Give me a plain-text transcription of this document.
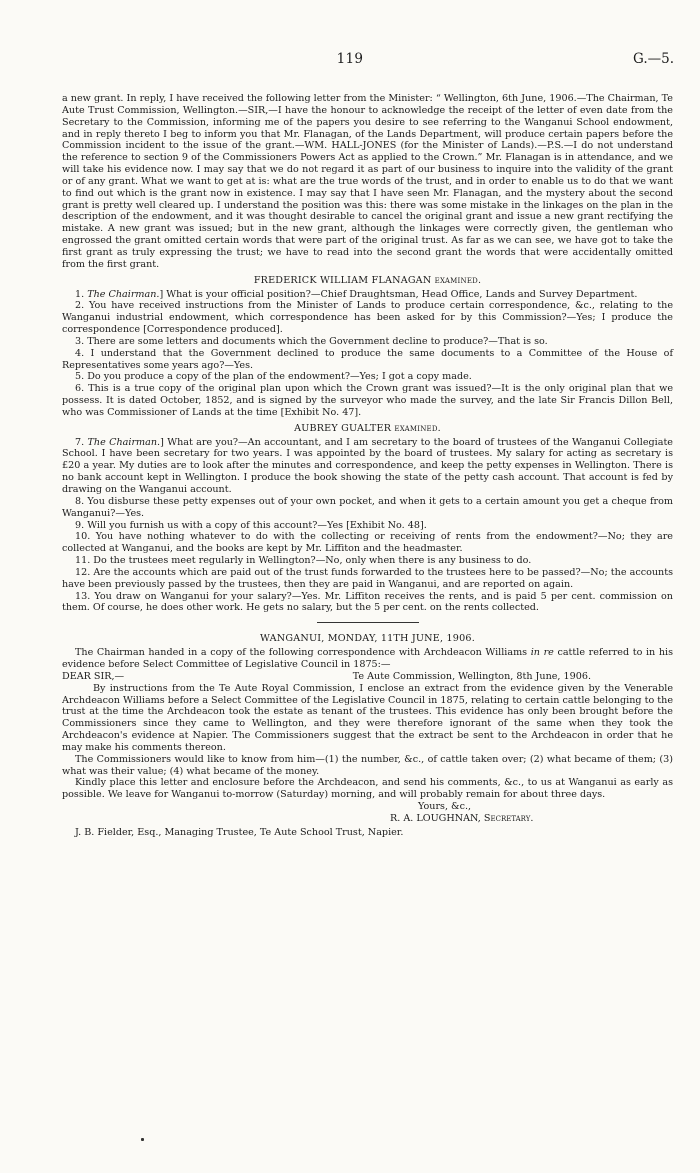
119	G.—5.

a new grant. In reply, I have received the following letter from the Minister: “ Wellington, 6th June, 1906.—The Chairman, Te Aute Trust Commission, Wellington.—SIR,—I have the honour to acknowledge the receipt of the letter of even date from the Secretary to the Commission, informing me of the papers you desire to see referring to the Wanganui School endowment, and in reply thereto I beg to inform you that Mr. Flanagan, of the Lands Department, will produce certain papers before the Commission incident to the issue of the grant.—WM. HALL-JONES (for the Minister of Lands).—P.S.—I do not understand the reference to section 9 of the Commissioners Powers Act as applied to the Crown.” Mr. Flanagan is in attendance, and we will take his evidence now. I may say that we do not regard it as part of our business to inquire into the validity of the grant or of any grant. What we want to get at is: what are the true words of the trust, and in order to enable us to do that we want to find out which is the grant now in existence. I may say that I have seen Mr. Flanagan, and the mystery about the second grant is pretty well cleared up. I understand the position was this: there was some mistake in the linkages on the plan in the description of the endowment, and it was thought desirable to cancel the original grant and issue a new grant rectifying the mistake. A new grant was issued; but in the new grant, although the linkages were correctly given, the gentleman who engrossed the grant omitted certain words that were part of the original trust. As far as we can see, we have got to take the first grant as truly expressing the trust; we have to read into the second grant the words that were accidentally omitted from the first grant.

FREDERICK WILLIAM FLANAGAN examined.

1. The Chairman.] What is your official position?—Chief Draughtsman, Head Office, Lands and Survey Department.

2. You have received instructions from the Minister of Lands to produce certain correspondence, &c., relating to the Wanganui industrial endowment, which correspondence has been asked for by this Commission?—Yes; I produce the correspondence [Correspondence produced].

3. There are some letters and documents which the Government decline to produce?—That is so.

4. I understand that the Government declined to produce the same documents to a Committee of the House of Representatives some years ago?—Yes.

5. Do you produce a copy of the plan of the endowment?—Yes; I got a copy made.

6. This is a true copy of the original plan upon which the Crown grant was issued?—It is the only original plan that we possess. It is dated October, 1852, and is signed by the surveyor who made the survey, and the late Sir Francis Dillon Bell, who was Commissioner of Lands at the time [Exhibit No. 47].

AUBREY GUALTER examined.

7. The Chairman.] What are you?—An accountant, and I am secretary to the board of trustees of the Wanganui Collegiate School. I have been secretary for two years. I was appointed by the board of trustees. My salary for acting as secretary is £20 a year. My duties are to look after the minutes and correspondence, and keep the petty expenses in Wellington. There is no bank account kept in Wellington. I produce the book showing the state of the petty cash account. That account is fed by drawing on the Wanganui account.

8. You disburse these petty expenses out of your own pocket, and when it gets to a certain amount you get a cheque from Wanganui?—Yes.

9. Will you furnish us with a copy of this account?—Yes [Exhibit No. 48].

10. You have nothing whatever to do with the collecting or receiving of rents from the endowment?—No; they are collected at Wanganui, and the books are kept by Mr. Liffiton and the headmaster.

11. Do the trustees meet regularly in Wellington?—No, only when there is any business to do.

12. Are the accounts which are paid out of the trust funds forwarded to the trustees here to be passed?—No; the accounts have been previously passed by the trustees, then they are paid in Wanganui, and are reported on again.

13. You draw on Wanganui for your salary?—Yes. Mr. Liffiton receives the rents, and is paid 5 per cent. commission on them. Of course, he does other work. He gets no salary, but the 5 per cent. on the rents collected.

WANGANUI, MONDAY, 11TH JUNE, 1906.

The Chairman handed in a copy of the following correspondence with Archdeacon Williams in re cattle referred to in his evidence before Select Committee of Legislative Council in 1875:—

DEAR SIR,—	Te Aute Commission, Wellington, 8th June, 1906.

By instructions from the Te Aute Royal Commission, I enclose an extract from the evidence given by the Venerable Archdeacon Williams before a Select Committee of the Legislative Council in 1875, relating to certain cattle belonging to the trust at the time the Archdeacon took the estate as tenant of the trustees. This evidence has only been brought before the Commissioners since they came to Wellington, and they were therefore ignorant of the same when they took the Archdeacon's evidence at Napier. The Commissioners suggest that the extract be sent to the Archdeacon in order that he may make his comments thereon.

The Commissioners would like to know from him—(1) the number, &c., of cattle taken over; (2) what became of them; (3) what was their value; (4) what became of the money.

Kindly place this letter and enclosure before the Archdeacon, and send his comments, &c., to us at Wanganui as early as possible. We leave for Wanganui to-morrow (Saturday) morning, and will probably remain for about three days.

Yours, &c.,
R. A. LOUGHNAN, Secretary.
J. B. Fielder, Esq., Managing Trustee, Te Aute School Trust, Napier.
